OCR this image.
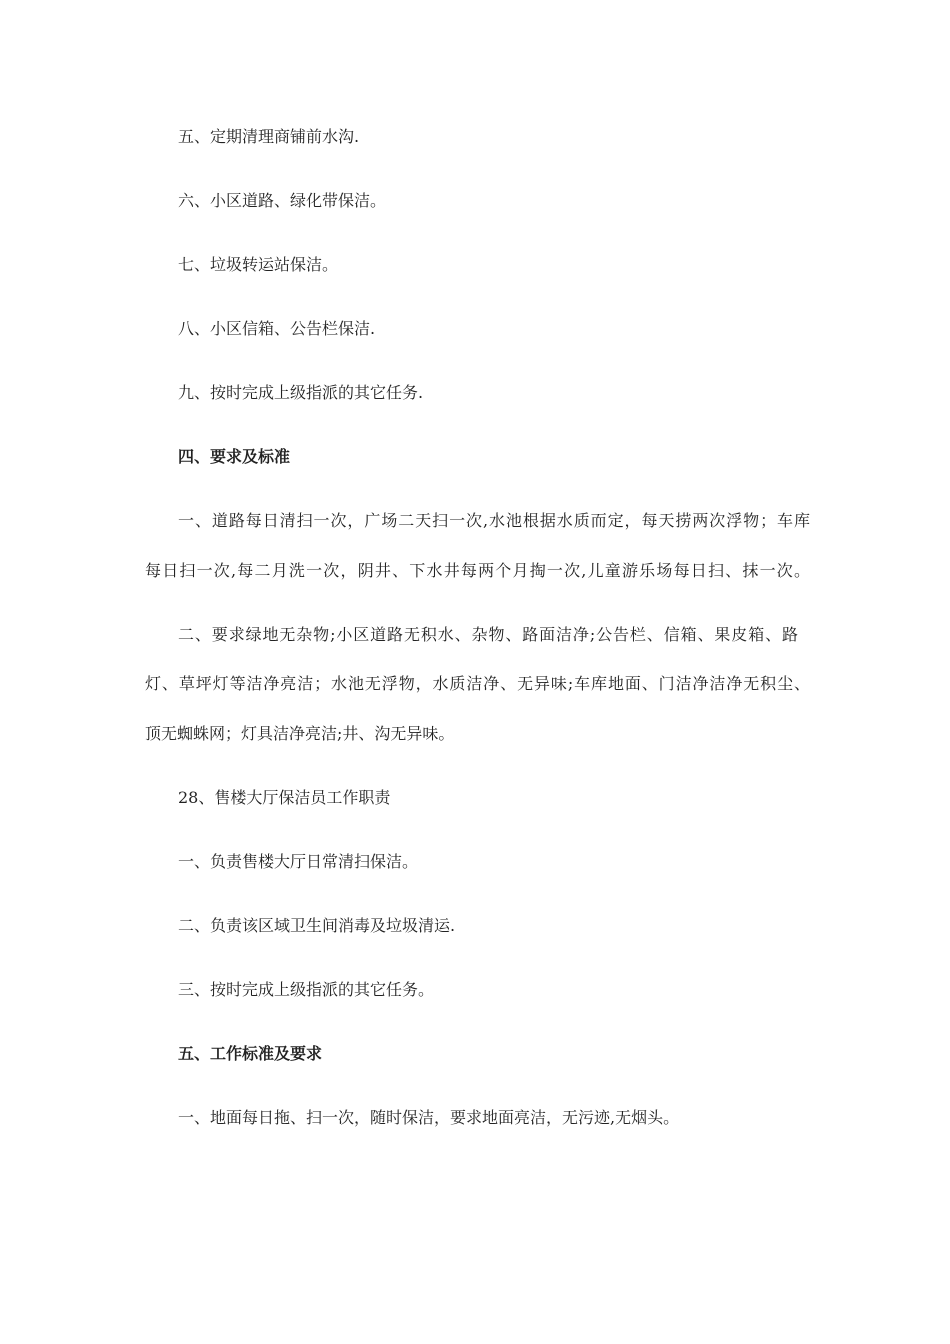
五、定期清理商铺前水沟.
六、小区道路、绿化带保洁。
七、垃圾转运站保洁。
八、小区信箱、公告栏保洁.
九、按时完成上级指派的其它任务.
四、要求及标准
一、道路每日清扫一次，广场二天扫一次,水池根据水质而定，每天捞两次浮物；车库
每日扫一次,每二月洗一次，阴井、下水井每两个月掏一次,儿童游乐场每日扫、抹一次。
二、要求绿地无杂物;小区道路无积水、杂物、路面洁净;公告栏、信箱、果皮箱、路
灯、草坪灯等洁净亮洁；水池无浮物，水质洁净、无异味;车库地面、门洁净洁净无积尘、
顶无蜘蛛网；灯具洁净亮洁;井、沟无异味。
28、售楼大厅保洁员工作职责
一、负责售楼大厅日常清扫保洁。
二、负责该区域卫生间消毒及垃圾清运.
三、按时完成上级指派的其它任务。
五、工作标准及要求
一、地面每日拖、扫一次，随时保洁，要求地面亮洁，无污迹,无烟头。
